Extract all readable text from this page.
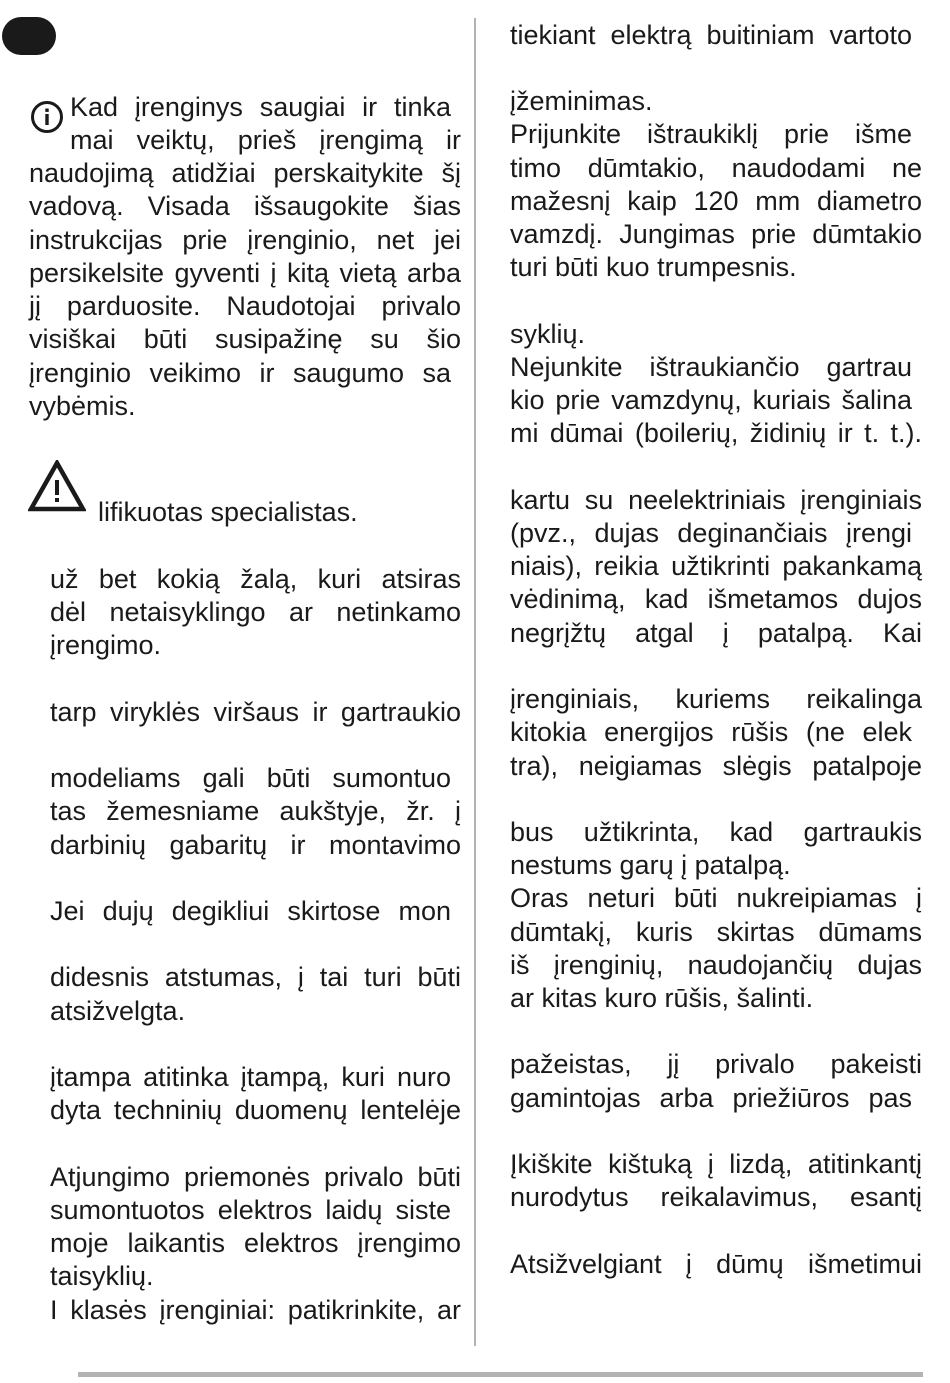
Kad įrenginys saugiai ir tinka
mai veiktų, prieš įrengimą ir
naudojimą atidžiai perskaitykite šį
vadovą. Visada išsaugokite šias
instrukcijas prie įrenginio, net jei
persikelsite gyventi į kitą vietą arba
jį parduosite. Naudotojai privalo
visiškai būti susipažinę su šio
įrenginio veikimo ir saugumo sa
vybėmis.
lifikuotas specialistas.
už bet kokią žalą, kuri atsiras
dėl netaisyklingo ar netinkamo
įrengimo.
tarp viryklės viršaus ir gartraukio
modeliams gali būti sumontuo
tas žemesniame aukštyje, žr. į
darbinių gabaritų ir montavimo
Jei dujų degikliui skirtose mon
didesnis atstumas, į tai turi būti
atsižvelgta.
įtampa atitinka įtampą, kuri nuro
dyta techninių duomenų lentelėje
Atjungimo priemonės privalo būti
sumontuotos elektros laidų siste
moje laikantis elektros įrengimo
taisyklių.
I klasės įrenginiai: patikrinkite, ar
tiekiant elektrą buitiniam vartoto
įžeminimas.
Prijunkite ištraukiklį prie išme
timo dūmtakio, naudodami ne
mažesnį kaip 120 mm diametro
vamzdį. Jungimas prie dūmtakio
turi būti kuo trumpesnis.
syklių.
Nejunkite ištraukiančio gartrau
kio prie vamzdynų, kuriais šalina
mi dūmai (boilerių, židinių ir t. t.).
kartu su neelektriniais įrenginiais
(pvz., dujas deginančiais įrengi
niais), reikia užtikrinti pakankamą
vėdinimą, kad išmetamos dujos
negrįžtų atgal į patalpą. Kai
įrenginiais, kuriems reikalinga
kitokia energijos rūšis (ne elek
tra), neigiamas slėgis patalpoje
bus užtikrinta, kad gartraukis
nestums garų į patalpą.
Oras neturi būti nukreipiamas į
dūmtakį, kuris skirtas dūmams
iš įrenginių, naudojančių dujas
ar kitas kuro rūšis, šalinti.
pažeistas, jį privalo pakeisti
gamintojas arba priežiūros pas
Įkiškite kištuką į lizdą, atitinkantį
nurodytus reikalavimus, esantį
Atsižvelgiant į dūmų išmetimui
